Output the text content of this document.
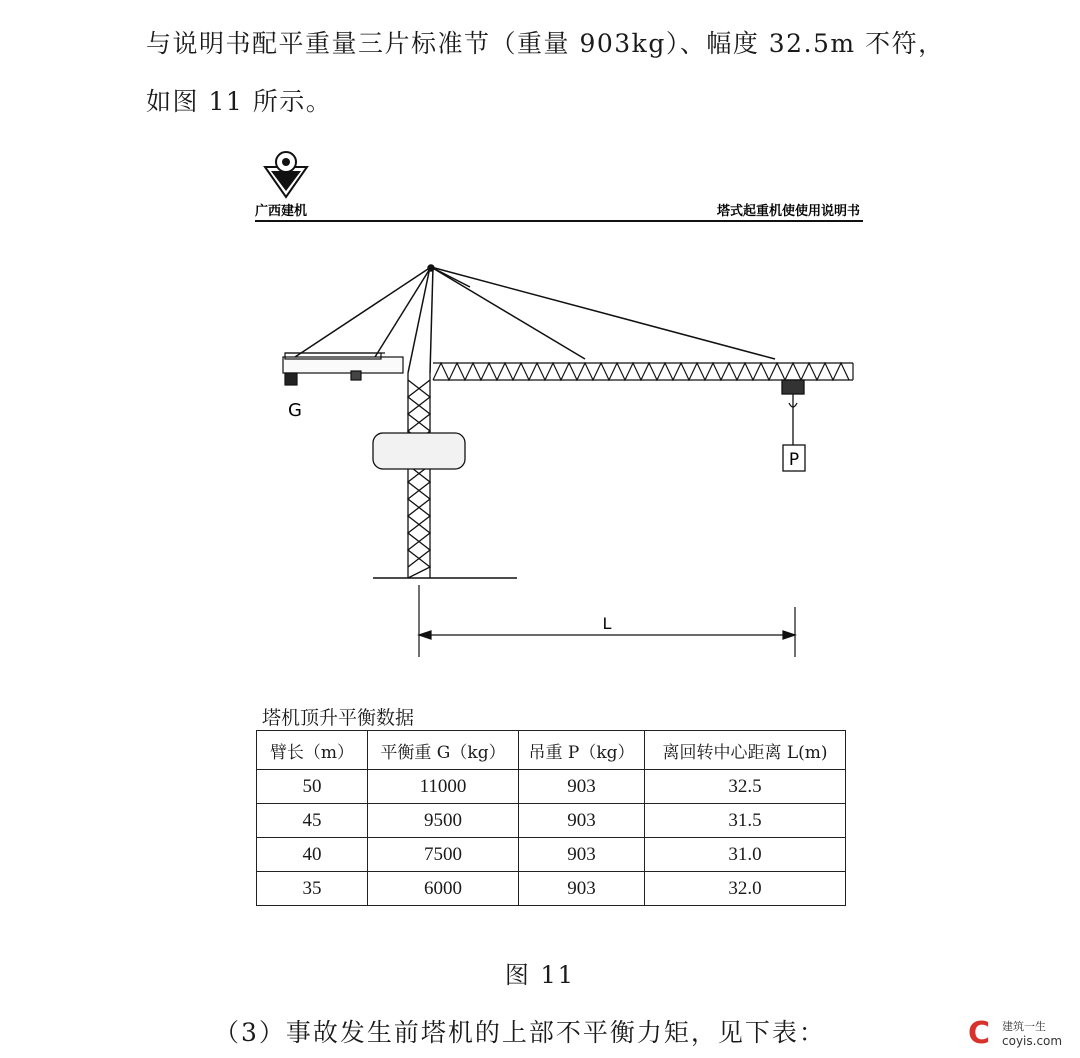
与说明书配平重量三片标准节（重量 903kg）、幅度 32.5m 不符，

如图 11 所示。

广西建机	塔式起重机使使用说明书
G
P
L
塔机顶升平衡数据
臂长（m）	平衡重 G（kg）	吊重 P（kg）	离回转中心距离 L(m)
50	11000	903	32.5
45	9500	903	31.5
40	7500	903	31.0
35	6000	903	32.0
图 11
（3）事故发生前塔机的上部不平衡力矩，见下表：	C 建筑一生
coyis.com
